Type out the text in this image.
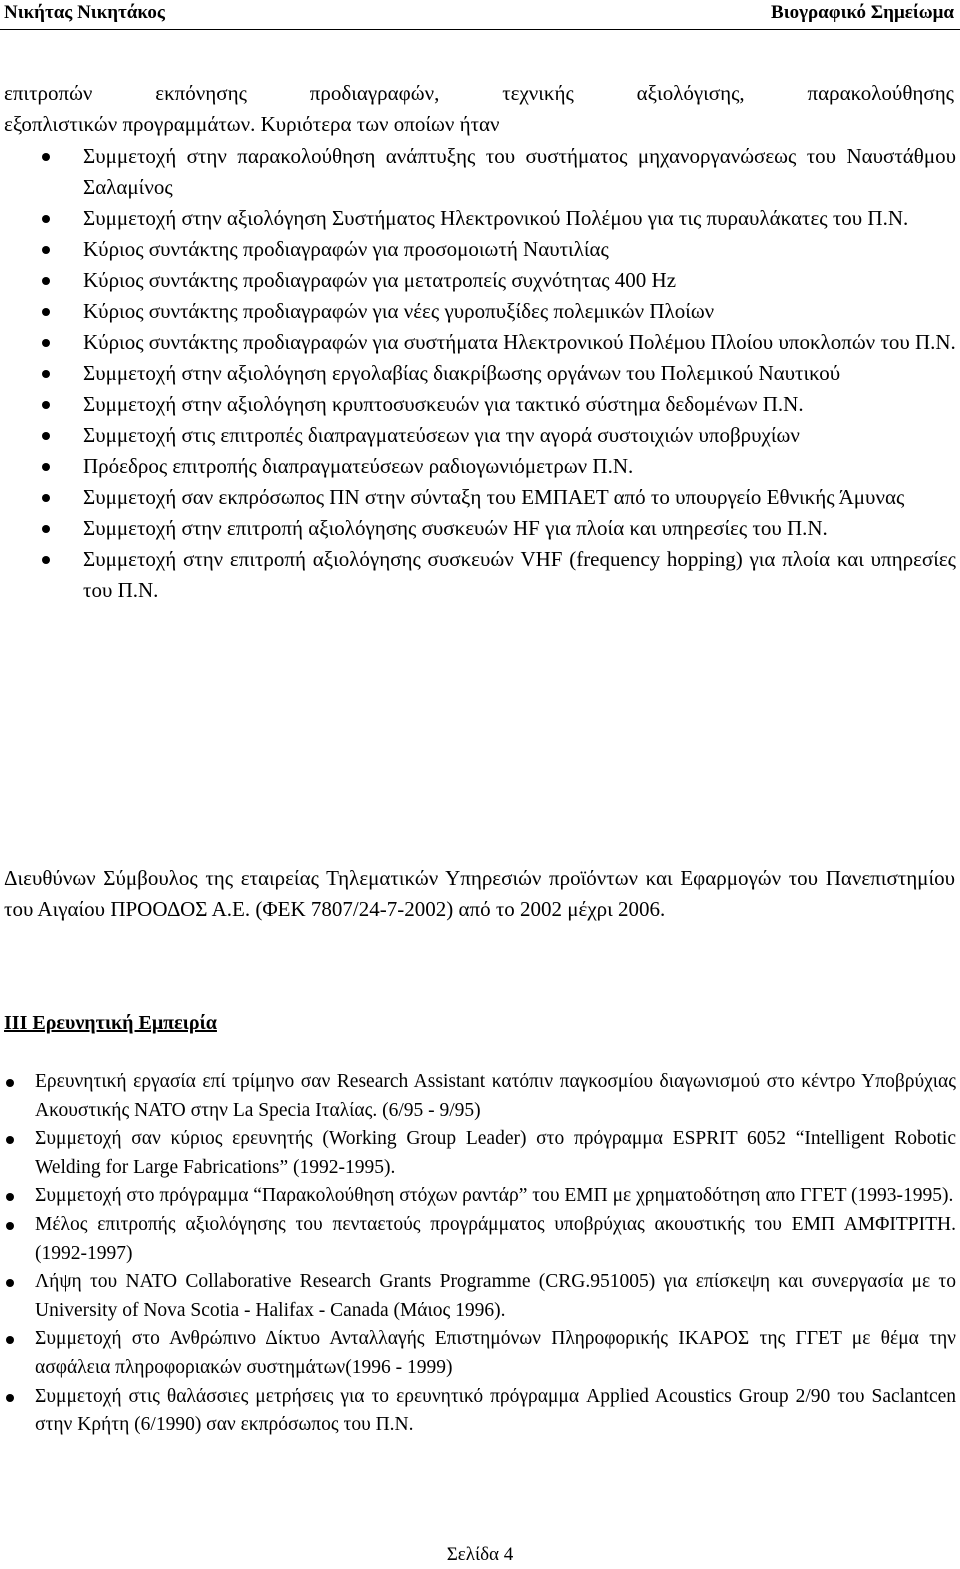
Νικήτας Νικητάκος	Βιογραφικό Σημείωμα
επιτροπών εκπόνησης προδιαγραφών, τεχνικής αξιολόγισης, παρακολούθησης
εξοπλιστικών προγραμμάτων. Κυριότερα των οποίων ήταν
Συμμετοχή στην παρακολούθηση ανάπτυξης του συστήματος μηχανοργανώσεως του Ναυστάθμου Σαλαμίνος
Συμμετοχή στην αξιολόγηση Συστήματος Ηλεκτρονικού Πολέμου για τις πυραυλάκατες του Π.Ν.
Κύριος συντάκτης προδιαγραφών για προσομοιωτή Ναυτιλίας
Κύριος συντάκτης προδιαγραφών για μετατροπείς συχνότητας 400 Hz
Κύριος συντάκτης προδιαγραφών για νέες γυροπυξίδες πολεμικών Πλοίων
Κύριος συντάκτης προδιαγραφών για συστήματα Ηλεκτρονικού Πολέμου Πλοίου υποκλοπών του Π.Ν.
Συμμετοχή στην αξιολόγηση εργολαβίας διακρίβωσης οργάνων του Πολεμικού Ναυτικού
Συμμετοχή στην αξιολόγηση κρυπτοσυσκευών για τακτικό σύστημα δεδομένων Π.Ν.
Συμμετοχή στις επιτροπές διαπραγματεύσεων για την αγορά συστοιχιών υποβρυχίων
Πρόεδρος επιτροπής διαπραγματεύσεων ραδιογωνιόμετρων Π.Ν.
Συμμετοχή σαν εκπρόσωπος ΠΝ στην σύνταξη του ΕΜΠΑΕΤ από το υπουργείο Εθνικής Άμυνας
Συμμετοχή στην επιτροπή αξιολόγησης συσκευών HF για πλοία και υπηρεσίες του Π.Ν.
Συμμετοχή στην επιτροπή αξιολόγησης συσκευών VHF (frequency hopping) για πλοία και υπηρεσίες του Π.Ν.
Διευθύνων Σύμβουλος της εταιρείας Τηλεματικών Υπηρεσιών προϊόντων και Εφαρμογών του Πανεπιστημίου του Αιγαίου ΠΡΟΟΔΟΣ Α.Ε. (ΦΕΚ 7807/24-7-2002) από το 2002 μέχρι 2006.
III Ερευνητική Εμπειρία
Ερευνητική εργασία επί τρίμηνο σαν Research Assistant κατόπιν παγκοσμίου διαγωνισμού στο κέντρο Υποβρύχιας Ακουστικής NATO στην La Specia Ιταλίας. (6/95 - 9/95)
Συμμετοχή σαν κύριος ερευνητής (Working Group Leader) στο πρόγραμμα ESPRIT 6052 “Intelligent Robotic Welding for Large Fabrications” (1992-1995).
Συμμετοχή στο πρόγραμμα “Παρακολούθηση στόχων ραντάρ” του ΕΜΠ με χρηματοδότηση απο ΓΓΕΤ (1993-1995).
Μέλος επιτροπής αξιολόγησης του πενταετούς προγράμματος υποβρύχιας ακουστικής του ΕΜΠ ΑΜΦΙΤΡΙΤΗ. (1992-1997)
Λήψη του NATO Collaborative Research Grants Programme (CRG.951005) για επίσκεψη και συνεργασία με το University of Nova Scotia - Halifax - Canada (Μάιος 1996).
Συμμετοχή στο Ανθρώπινο Δίκτυο Ανταλλαγής Επιστημόνων Πληροφορικής ΙΚΑΡΟΣ της ΓΓΕΤ με θέμα την ασφάλεια πληροφοριακών συστημάτων(1996 - 1999)
Συμμετοχή στις θαλάσσιες μετρήσεις για το ερευνητικό πρόγραμμα Applied Acoustics Group 2/90 του Saclantcen στην Κρήτη (6/1990) σαν εκπρόσωπος του Π.Ν.
Σελίδα 4
